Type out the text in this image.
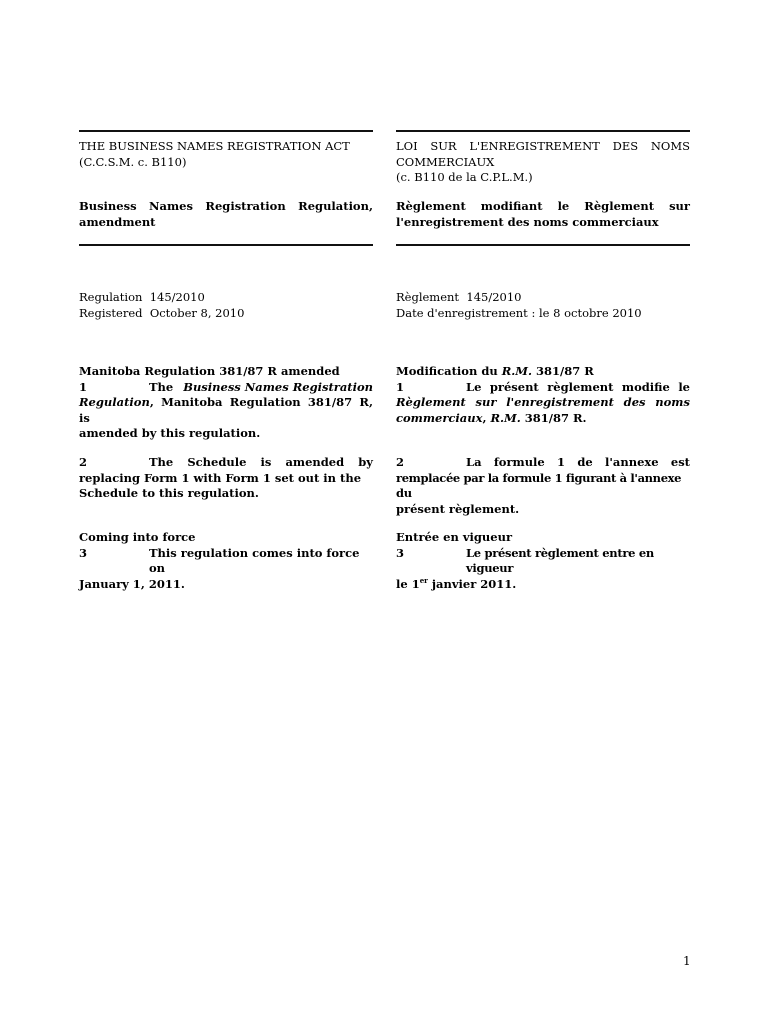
THE BUSINESS NAMES REGISTRATION ACT
(C.C.S.M. c. B110)
Business Names Registration Regulation,
amendment
Regulation 145/2010
Registered October 8, 2010
Manitoba Regulation 381/87 R amended
1	The Business Names Registration
Regulation, Manitoba Regulation 381/87 R, is
amended by this regulation.
2	The Schedule is amended by
replacing Form 1 with Form 1 set out in the
Schedule to this regulation.
Coming into force
3	This regulation comes into force on
January 1, 2011.
LOI SUR L'ENREGISTREMENT DES NOMS
COMMERCIAUX
(c. B110 de la C.P.L.M.)
Règlement modifiant le Règlement sur
l'enregistrement des noms commerciaux
Règlement 145/2010
Date d'enregistrement : le 8 octobre 2010
Modification du R.M. 381/87 R
1	Le présent règlement modifie le
Règlement sur l'enregistrement des noms
commerciaux, R.M. 381/87 R.
2	La formule 1 de l'annexe est
remplacée par la formule 1 figurant à l'annexe du
présent règlement.
Entrée en vigueur
3	Le présent règlement entre en vigueur
le 1er janvier 2011.
1
